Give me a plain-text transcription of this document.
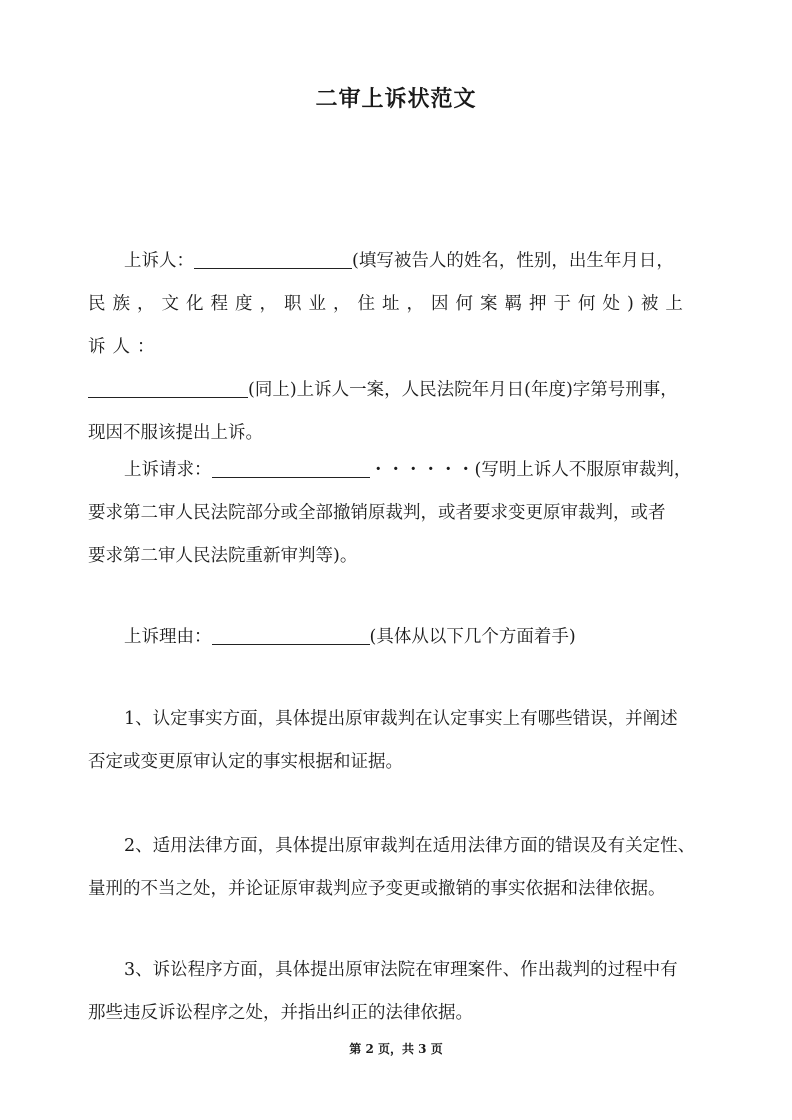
二审上诉状范文
上诉人：	(填写被告人的姓名，性别，出生年月日，
民族，文化程度，职业，住址，因何案羁押于何处)被上诉人：
(同上)上诉人一案，人民法院年月日(年度)字第号刑事，
现因不服该提出上诉。
上诉请求：	・・・・・・(写明上诉人不服原审裁判，
要求第二审人民法院部分或全部撤销原裁判，或者要求变更原审裁判，或者
要求第二审人民法院重新审判等)。
上诉理由：	(具体从以下几个方面着手)
1、认定事实方面，具体提出原审裁判在认定事实上有哪些错误，并阐述
否定或变更原审认定的事实根据和证据。
2、适用法律方面，具体提出原审裁判在适用法律方面的错误及有关定性、
量刑的不当之处，并论证原审裁判应予变更或撤销的事实依据和法律依据。
3、诉讼程序方面，具体提出原审法院在审理案件、作出裁判的过程中有
那些违反诉讼程序之处，并指出纠正的法律依据。
第 2 页，共 3 页
